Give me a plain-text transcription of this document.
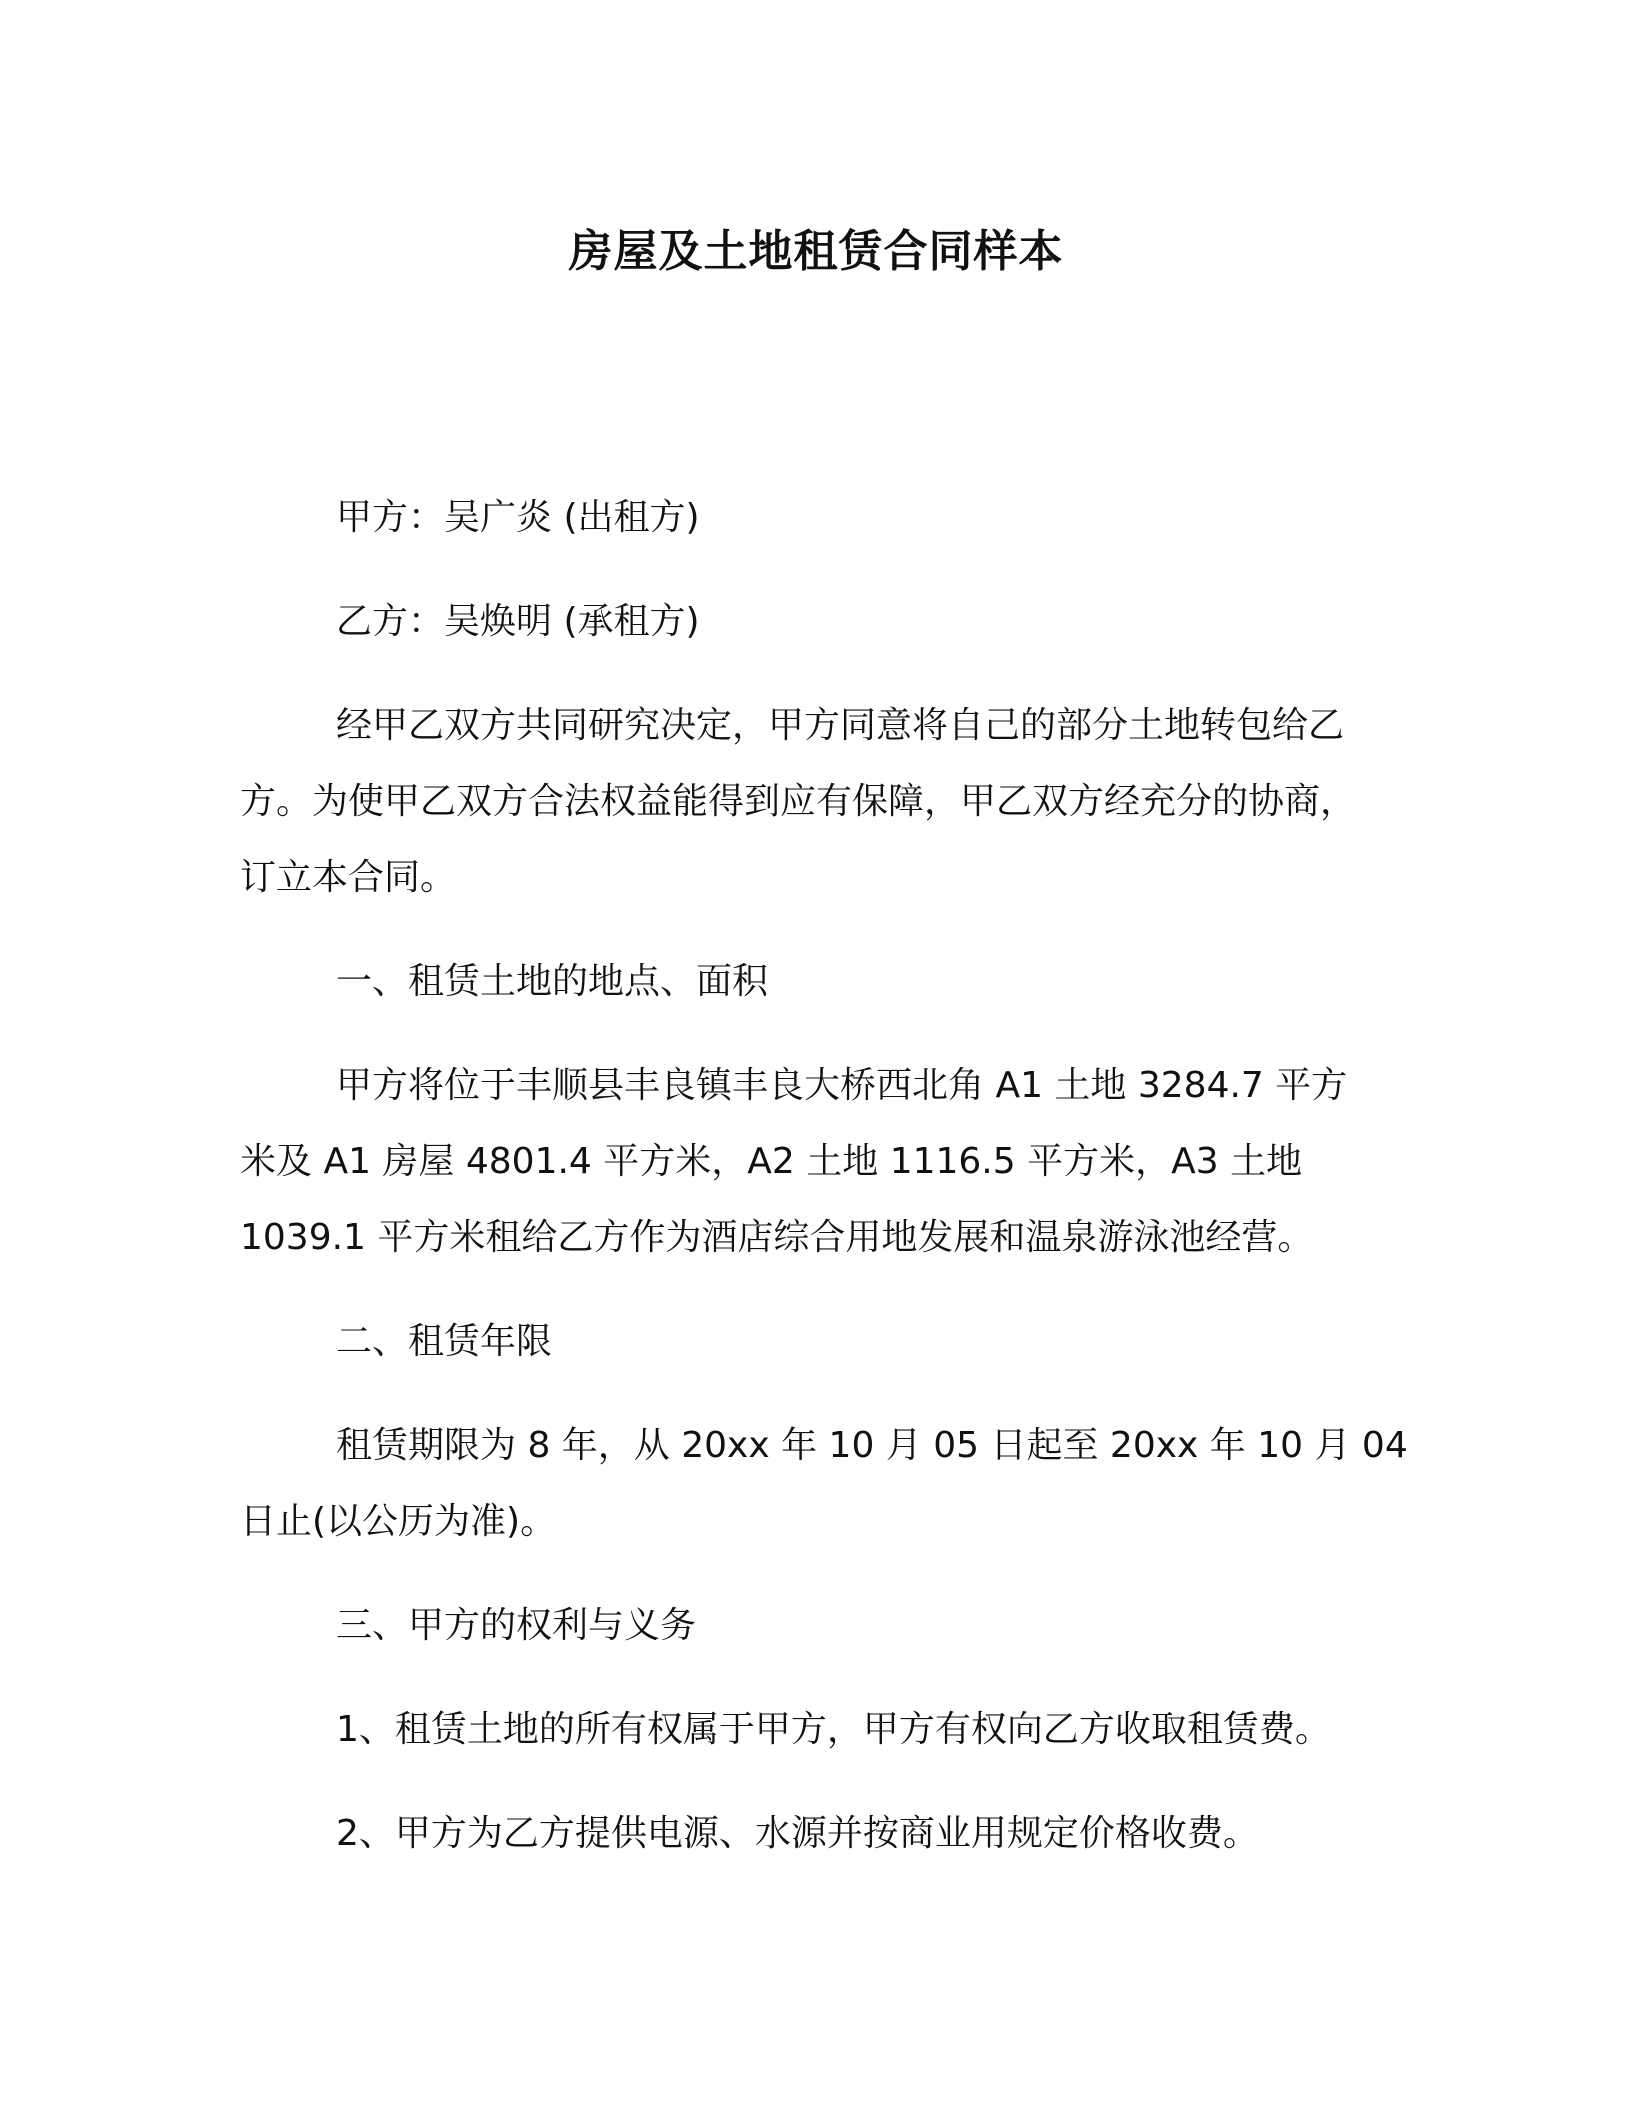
房屋及土地租赁合同样本

甲方：吴广炎 (出租方)

乙方：吴焕明 (承租方)

经甲乙双方共同研究决定，甲方同意将自己的部分土地转包给乙

方。为使甲乙双方合法权益能得到应有保障，甲乙双方经充分的协商，

订立本合同。

一、租赁土地的地点、面积

甲方将位于丰顺县丰良镇丰良大桥西北角 A1 土地 3284.7 平方

米及 A1 房屋 4801.4 平方米，A2 土地 1116.5 平方米，A3 土地

1039.1 平方米租给乙方作为酒店综合用地发展和温泉游泳池经营。

二、租赁年限

租赁期限为 8 年，从 20xx 年 10 月 05 日起至 20xx 年 10 月 04

日止(以公历为准)。

三、甲方的权利与义务

1、租赁土地的所有权属于甲方，甲方有权向乙方收取租赁费。

2、甲方为乙方提供电源、水源并按商业用规定价格收费。
